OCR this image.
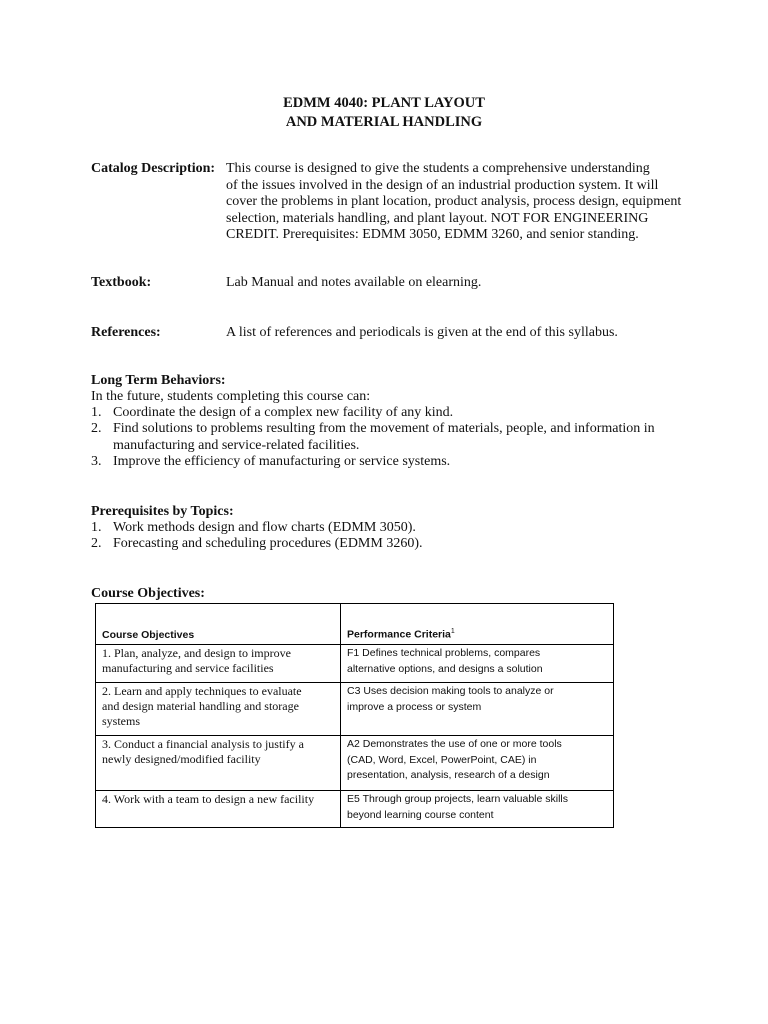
EDMM 4040: PLANT LAYOUT
AND MATERIAL HANDLING
Catalog Description: This course is designed to give the students a comprehensive understanding
of the issues involved in the design of an industrial production system. It will
cover the problems in plant location, product analysis, process design, equipment
selection, materials handling, and plant layout. NOT FOR ENGINEERING
CREDIT. Prerequisites: EDMM 3050, EDMM 3260, and senior standing.
Textbook:	Lab Manual and notes available on elearning.
References:	A list of references and periodicals is given at the end of this syllabus.
Long Term Behaviors:
In the future, students completing this course can:
1. Coordinate the design of a complex new facility of any kind.
2. Find solutions to problems resulting from the movement of materials, people, and information in
manufacturing and service-related facilities.
3. Improve the efficiency of manufacturing or service systems.
Prerequisites by Topics:
1. Work methods design and flow charts (EDMM 3050).
2. Forecasting and scheduling procedures (EDMM 3260).
Course Objectives:
Course Objectives	Performance Criteria$^1$

1. Plan, analyze, and design to improve
manufacturing and service facilities	F1 Defines technical problems, compares
alternative options, and designs a solution

2. Learn and apply techniques to evaluate
and design material handling and storage
systems	C3 Uses decision making tools to analyze or
improve a process or system

3. Conduct a financial analysis to justify a
newly designed/modified facility	A2 Demonstrates the use of one or more tools
(CAD, Word, Excel, PowerPoint, CAE) in
presentation, analysis, research of a design

4. Work with a team to design a new facility	E5 Through group projects, learn valuable skills
beyond learning course content
